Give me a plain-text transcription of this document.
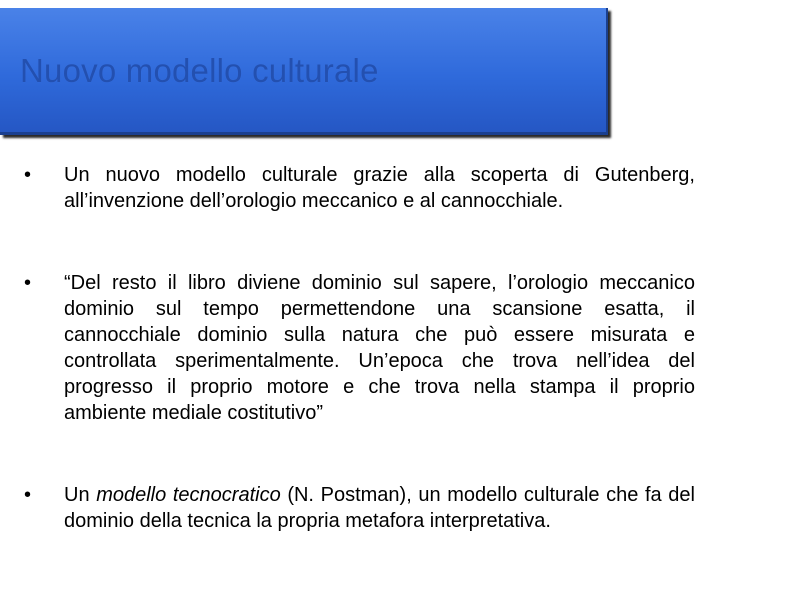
Nuovo modello culturale
• Un nuovo modello culturale grazie alla scoperta di Gutenberg, all’invenzione dell’orologio meccanico e al cannocchiale.
• “Del resto il libro diviene dominio sul sapere, l’orologio meccanico dominio sul tempo permettendone una scansione esatta, il cannocchiale dominio sulla natura che può essere misurata e controllata sperimentalmente. Un’epoca che trova nell’idea del progresso il proprio motore e che trova nella stampa il proprio ambiente mediale costitutivo”
• Un modello tecnocratico (N. Postman), un modello culturale che fa del dominio della tecnica la propria metafora interpretativa.
